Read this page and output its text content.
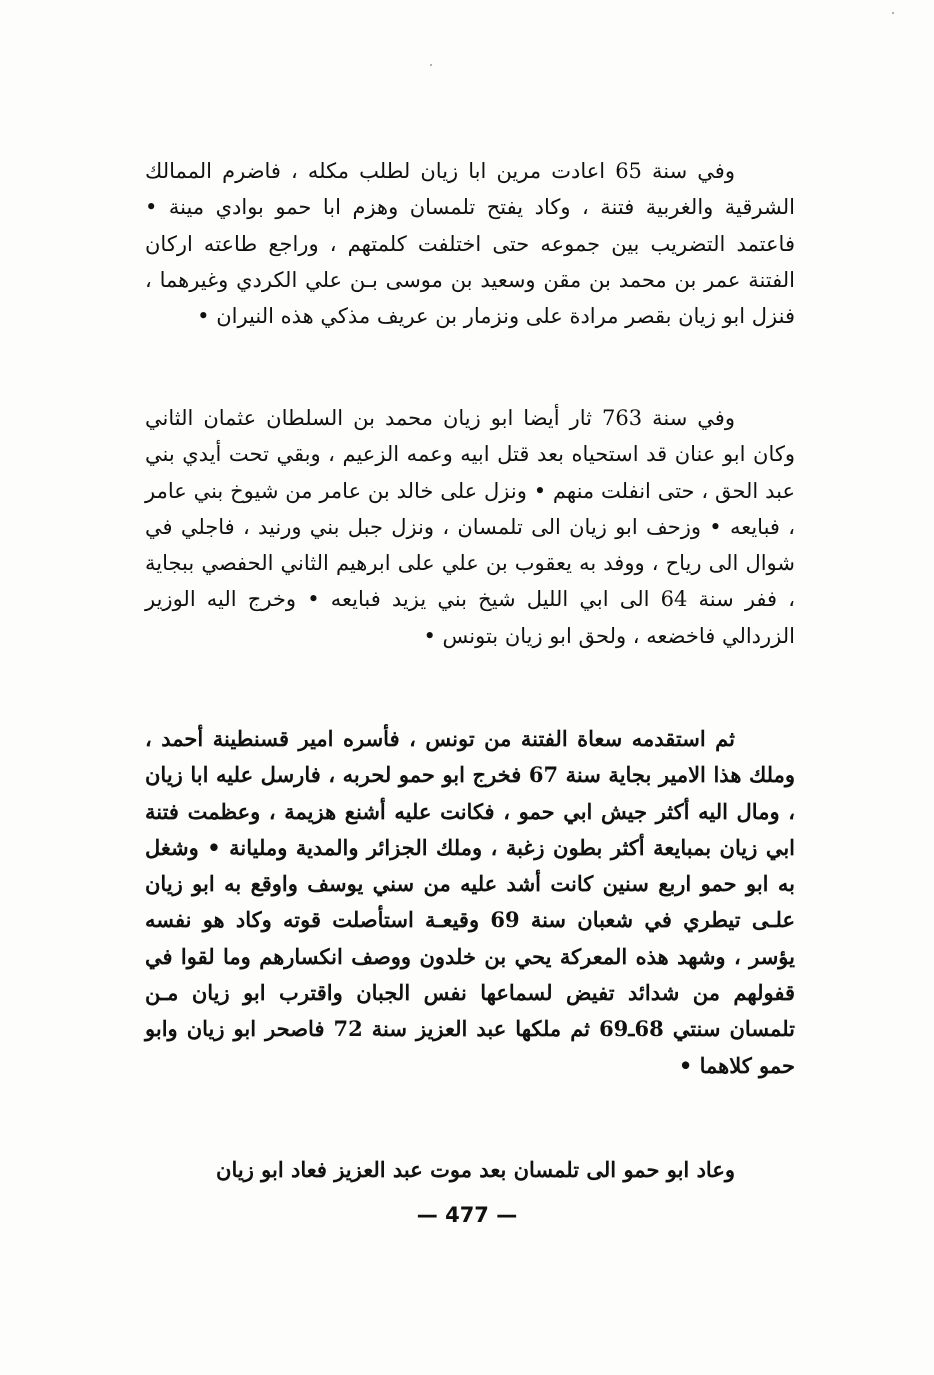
وفي سنة 65 اعادت مرين ابا زيان لطلب مكله ، فاضرم الممالك الشرقية والغربية فتنة ، وكاد يفتح تلمسان وهزم ابا حمو بوادي مينة • فاعتمد التضريب بين جموعه حتى اختلفت كلمتهم ، وراجع طاعته اركان الفتنة عمر بن محمد بن مقن وسعيد بن موسى بـن علي الكردي وغيرهما ، فنزل ابو زيان بقصر مرادة على ونزمار بن عريف مذكي هذه النيران •

وفي سنة 763 ثار أيضا ابو زيان محمد بن السلطان عثمان الثاني وكان ابو عنان قد استحياه بعد قتل ابيه وعمه الزعيم ، وبقي تحت أيدي بني عبد الحق ، حتى انفلت منهم • ونزل على خالد بن عامر من شيوخ بني عامر ، فبايعه • وزحف ابو زيان الى تلمسان ، ونزل جبل بني ورنيد ، فاجلي في شوال الى رياح ، ووفد به يعقوب بن علي على ابرهيم الثاني الحفصي ببجاية ، ففر سنة 64 الى ابي الليل شيخ بني يزيد فبايعه • وخرج اليه الوزير الزردالي فاخضعه ، ولحق ابو زيان بتونس •

ثم استقدمه سعاة الفتنة من تونس ، فأسره امير قسنطينة أحمد ، وملك هذا الامير بجاية سنة 67 فخرج ابو حمو لحربه ، فارسل عليه ابا زيان ، ومال اليه أكثر جيش ابي حمو ، فكانت عليه أشنع هزيمة ، وعظمت فتنة ابي زيان بمبايعة أكثر بطون زغبة ، وملك الجزائر والمدية ومليانة • وشغل به ابو حمو اربع سنين كانت أشد عليه من سني يوسف واوقع به ابو زيان علـى تيطري في شعبان سنة 69 وقيعـة استأصلت قوته وكاد هو نفسه يؤسر ، وشهد هذه المعركة يحي بن خلدون ووصف انكسارهم وما لقوا في قفولهم من شدائد تفيض لسماعها نفس الجبان واقترب ابو زيان مـن تلمسان سنتي 68ـ69 ثم ملكها عبد العزيز سنة 72 فاصحر ابو زيان وابو حمو كلاهما •

وعاد ابو حمو الى تلمسان بعد موت عبد العزيز فعاد ابو زيان

— 477 —
